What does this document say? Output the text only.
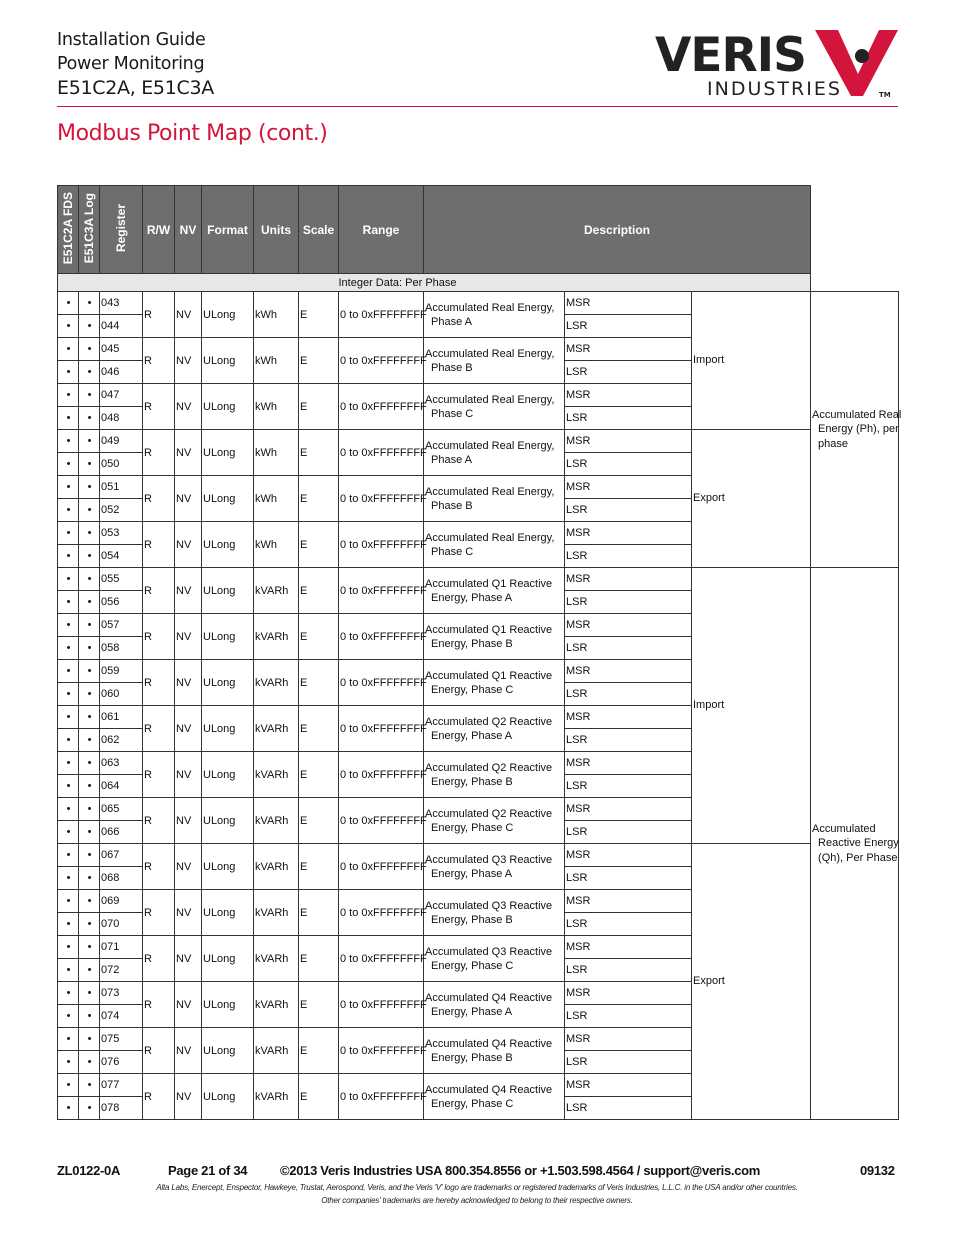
Installation Guide
Power Monitoring
E51C2A, E51C3A
VERIS
INDUSTRIES	TM
Modbus Point Map (cont.)
E51C2A FDS	E51C3A Log	Register	R/W	NV	Format	Units	Scale	Range	Description			
									Integer Data: Per Phase			
•	•	043	R	NV	ULong	kWh	E	0 to 0xFFFFFFFF	Accumulated Real Energy,
Phase A	MSR	Import	Accumulated Real
Energy (Ph), per
phase

•	•	044								LSR		
•	•	045	R	NV	ULong	kWh	E	0 to 0xFFFFFFFF	Accumulated Real Energy,
Phase B	MSR		
•	•	046								LSR		
•	•	047	R	NV	ULong	kWh	E	0 to 0xFFFFFFFF	Accumulated Real Energy,
Phase C	MSR		
•	•	048								LSR		
•	•	049	R	NV	ULong	kWh	E	0 to 0xFFFFFFFF	Accumulated Real Energy,
Phase A	MSR	Export	
•	•	050								LSR		
•	•	051	R	NV	ULong	kWh	E	0 to 0xFFFFFFFF	Accumulated Real Energy,
Phase B	MSR		
•	•	052								LSR		
•	•	053	R	NV	ULong	kWh	E	0 to 0xFFFFFFFF	Accumulated Real Energy,
Phase C	MSR		
•	•	054								LSR		
•	•	055	R	NV	ULong	kVARh	E	0 to 0xFFFFFFFF	Accumulated Q1 Reactive
Energy, Phase A	MSR	Import	Accumulated
Reactive Energy
(Qh), Per Phase

•	•	056								LSR		
•	•	057	R	NV	ULong	kVARh	E	0 to 0xFFFFFFFF	Accumulated Q1 Reactive
Energy, Phase B	MSR		
•	•	058								LSR		
•	•	059	R	NV	ULong	kVARh	E	0 to 0xFFFFFFFF	Accumulated Q1 Reactive
Energy, Phase C	MSR		
•	•	060								LSR		
•	•	061	R	NV	ULong	kVARh	E	0 to 0xFFFFFFFF	Accumulated Q2 Reactive
Energy, Phase A	MSR		
•	•	062								LSR		
•	•	063	R	NV	ULong	kVARh	E	0 to 0xFFFFFFFF	Accumulated Q2 Reactive
Energy, Phase B	MSR		
•	•	064								LSR		
•	•	065	R	NV	ULong	kVARh	E	0 to 0xFFFFFFFF	Accumulated Q2 Reactive
Energy, Phase C	MSR		
•	•	066								LSR		
•	•	067	R	NV	ULong	kVARh	E	0 to 0xFFFFFFFF	Accumulated Q3 Reactive
Energy, Phase A	MSR	Export	
•	•	068								LSR		
•	•	069	R	NV	ULong	kVARh	E	0 to 0xFFFFFFFF	Accumulated Q3 Reactive
Energy, Phase B	MSR		
•	•	070								LSR		
•	•	071	R	NV	ULong	kVARh	E	0 to 0xFFFFFFFF	Accumulated Q3 Reactive
Energy, Phase C	MSR		
•	•	072								LSR		
•	•	073	R	NV	ULong	kVARh	E	0 to 0xFFFFFFFF	Accumulated Q4 Reactive
Energy, Phase A	MSR		
•	•	074								LSR		
•	•	075	R	NV	ULong	kVARh	E	0 to 0xFFFFFFFF	Accumulated Q4 Reactive
Energy, Phase B	MSR		
•	•	076								LSR		
•	•	077	R	NV	ULong	kVARh	E	0 to 0xFFFFFFFF	Accumulated Q4 Reactive
Energy, Phase C	MSR		
•	•	078								LSR		
ZL0122-0A	Page 21 of 34	©2013 Veris Industries USA 800.354.8556 or +1.503.598.4564 / support@veris.com	09132
Alta Labs, Enercept, Enspector, Hawkeye, Trustat, Aerospond, Veris, and the Veris 'V' logo are trademarks or registered trademarks of Veris Industries, L.L.C. in the USA and/or other countries.
Other companies' trademarks are hereby acknowledged to belong to their respective owners.
